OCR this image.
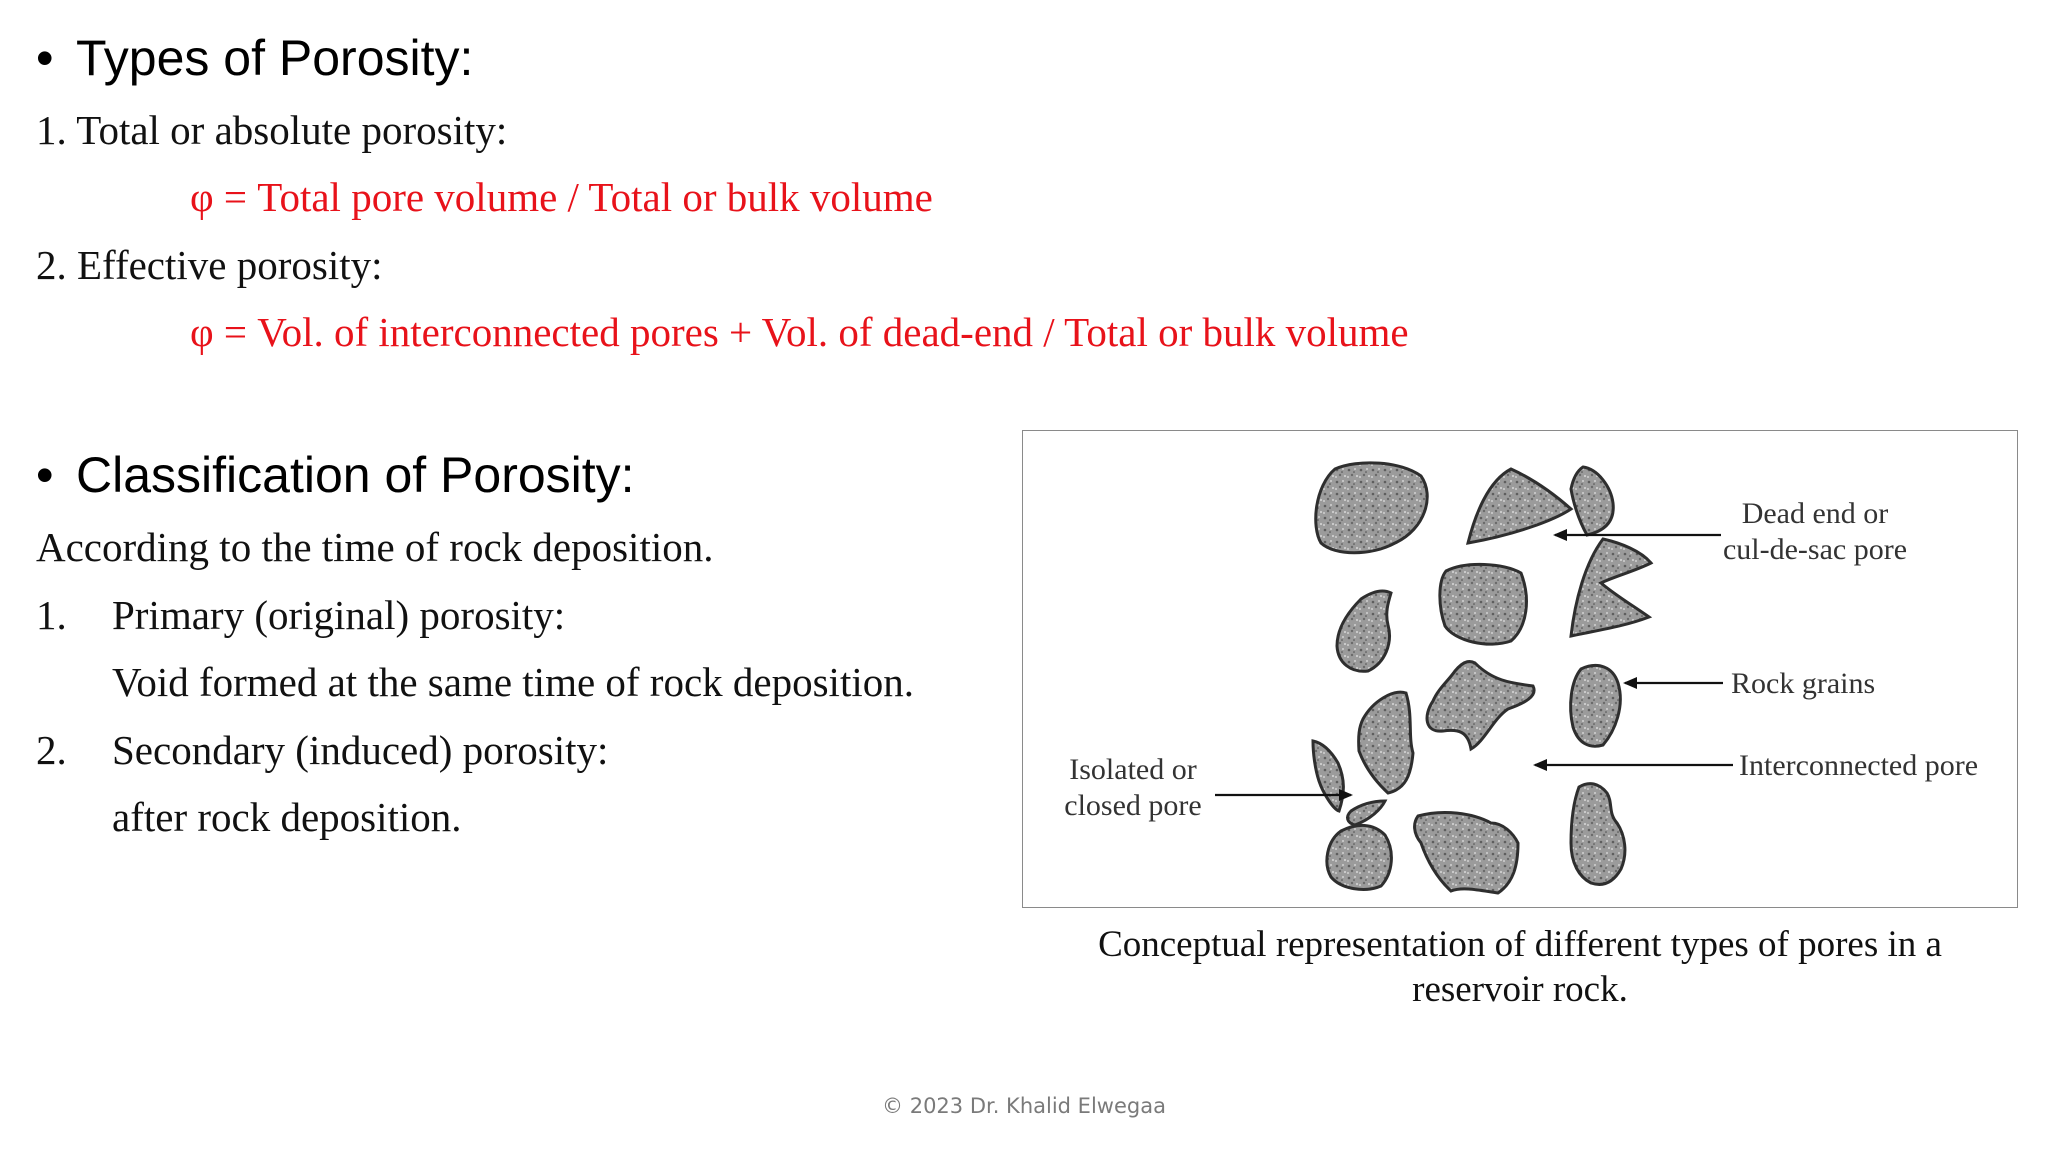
• Types of Porosity:
1. Total or absolute porosity:
φ = Total pore volume / Total or bulk volume
2. Effective porosity:
φ = Vol. of interconnected pores + Vol. of dead-end / Total or bulk volume
• Classification of Porosity:
According to the time of rock deposition.
1. Primary (original) porosity:
Void formed at the same time of rock deposition.
2. Secondary (induced) porosity:
after rock deposition.
Dead end or
cul-de-sac pore
Rock grains
Interconnected pore
Isolated or
closed pore
Conceptual representation of different types of pores in a
reservoir rock.
© 2023 Dr. Khalid Elwegaa
